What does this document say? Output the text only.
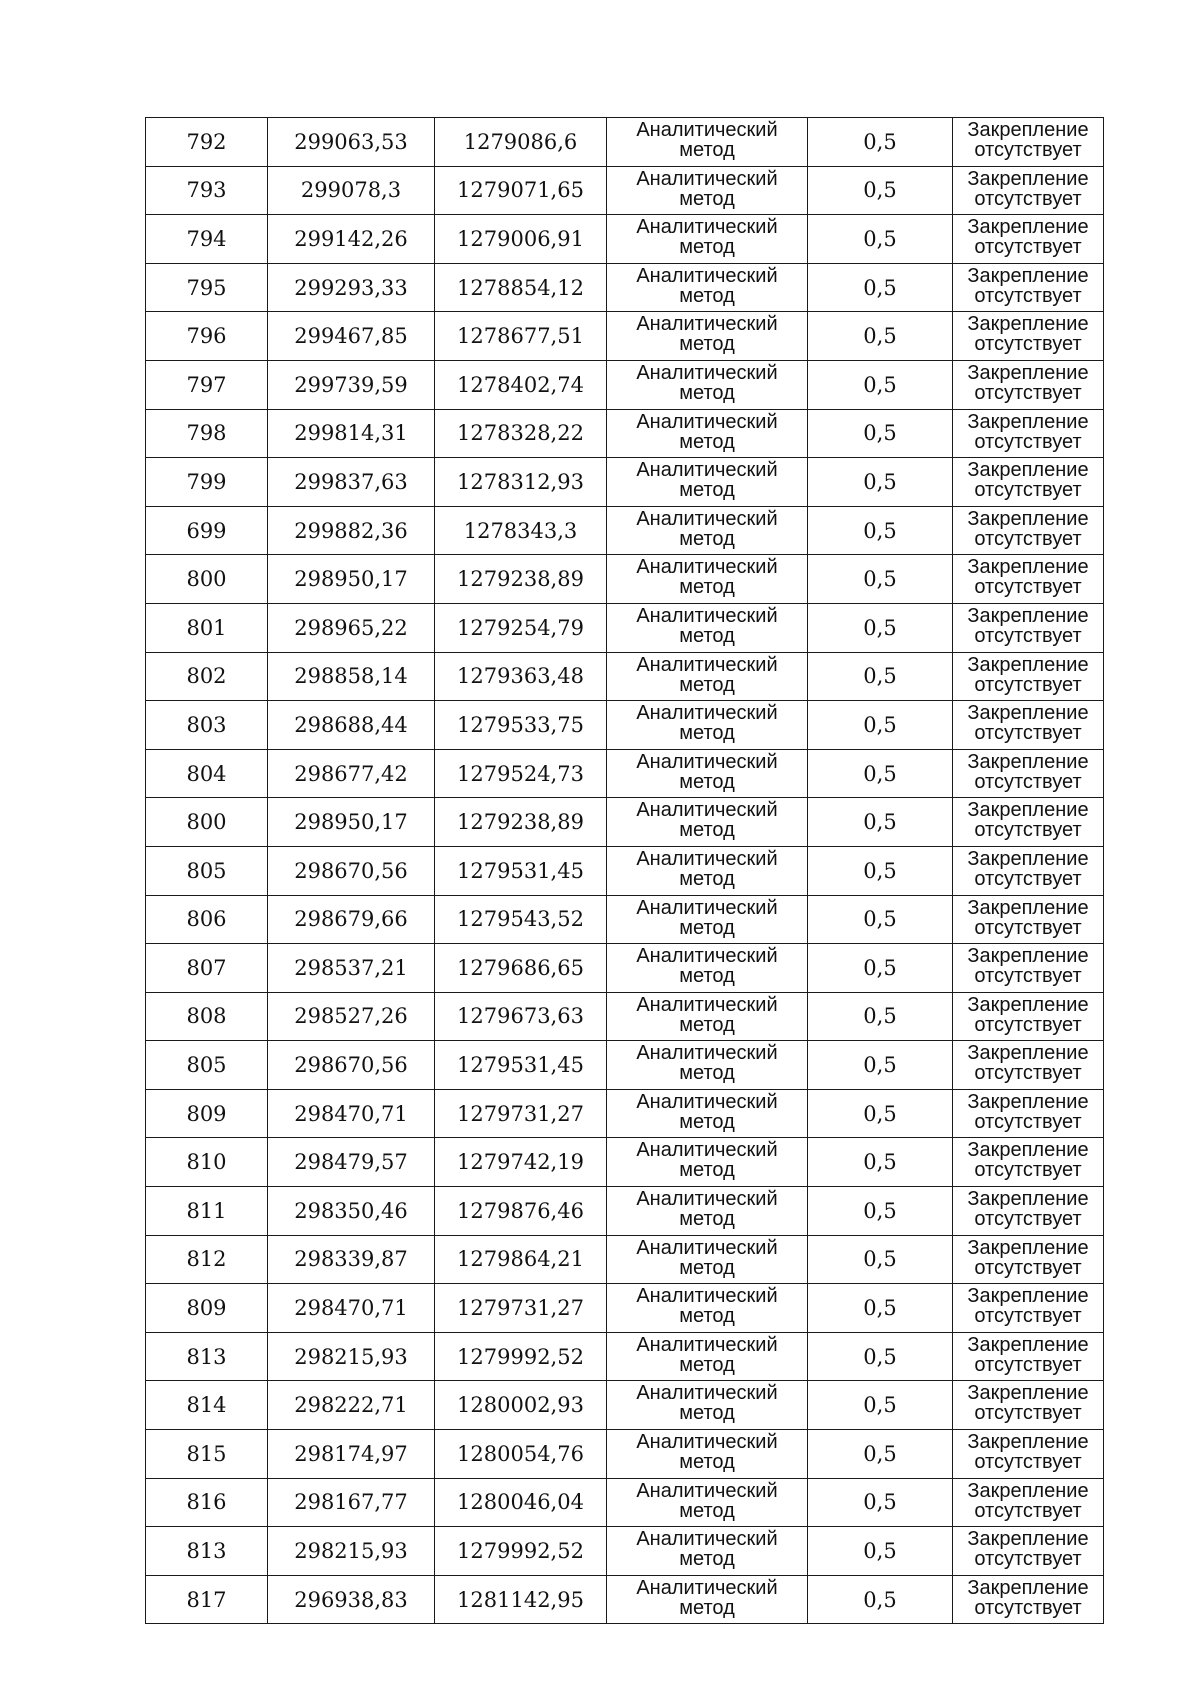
792	299063,53	1279086,6	Аналитический
метод	0,5	Закрепление
отсутствует

793	299078,3	1279071,65	Аналитический
метод	0,5	Закрепление
отсутствует

794	299142,26	1279006,91	Аналитический
метод	0,5	Закрепление
отсутствует

795	299293,33	1278854,12	Аналитический
метод	0,5	Закрепление
отсутствует

796	299467,85	1278677,51	Аналитический
метод	0,5	Закрепление
отсутствует

797	299739,59	1278402,74	Аналитический
метод	0,5	Закрепление
отсутствует

798	299814,31	1278328,22	Аналитический
метод	0,5	Закрепление
отсутствует

799	299837,63	1278312,93	Аналитический
метод	0,5	Закрепление
отсутствует

699	299882,36	1278343,3	Аналитический
метод	0,5	Закрепление
отсутствует

800	298950,17	1279238,89	Аналитический
метод	0,5	Закрепление
отсутствует

801	298965,22	1279254,79	Аналитический
метод	0,5	Закрепление
отсутствует

802	298858,14	1279363,48	Аналитический
метод	0,5	Закрепление
отсутствует

803	298688,44	1279533,75	Аналитический
метод	0,5	Закрепление
отсутствует

804	298677,42	1279524,73	Аналитический
метод	0,5	Закрепление
отсутствует

800	298950,17	1279238,89	Аналитический
метод	0,5	Закрепление
отсутствует

805	298670,56	1279531,45	Аналитический
метод	0,5	Закрепление
отсутствует

806	298679,66	1279543,52	Аналитический
метод	0,5	Закрепление
отсутствует

807	298537,21	1279686,65	Аналитический
метод	0,5	Закрепление
отсутствует

808	298527,26	1279673,63	Аналитический
метод	0,5	Закрепление
отсутствует

805	298670,56	1279531,45	Аналитический
метод	0,5	Закрепление
отсутствует

809	298470,71	1279731,27	Аналитический
метод	0,5	Закрепление
отсутствует

810	298479,57	1279742,19	Аналитический
метод	0,5	Закрепление
отсутствует

811	298350,46	1279876,46	Аналитический
метод	0,5	Закрепление
отсутствует

812	298339,87	1279864,21	Аналитический
метод	0,5	Закрепление
отсутствует

809	298470,71	1279731,27	Аналитический
метод	0,5	Закрепление
отсутствует

813	298215,93	1279992,52	Аналитический
метод	0,5	Закрепление
отсутствует

814	298222,71	1280002,93	Аналитический
метод	0,5	Закрепление
отсутствует

815	298174,97	1280054,76	Аналитический
метод	0,5	Закрепление
отсутствует

816	298167,77	1280046,04	Аналитический
метод	0,5	Закрепление
отсутствует

813	298215,93	1279992,52	Аналитический
метод	0,5	Закрепление
отсутствует

817	296938,83	1281142,95	Аналитический
метод	0,5	Закрепление
отсутствует
